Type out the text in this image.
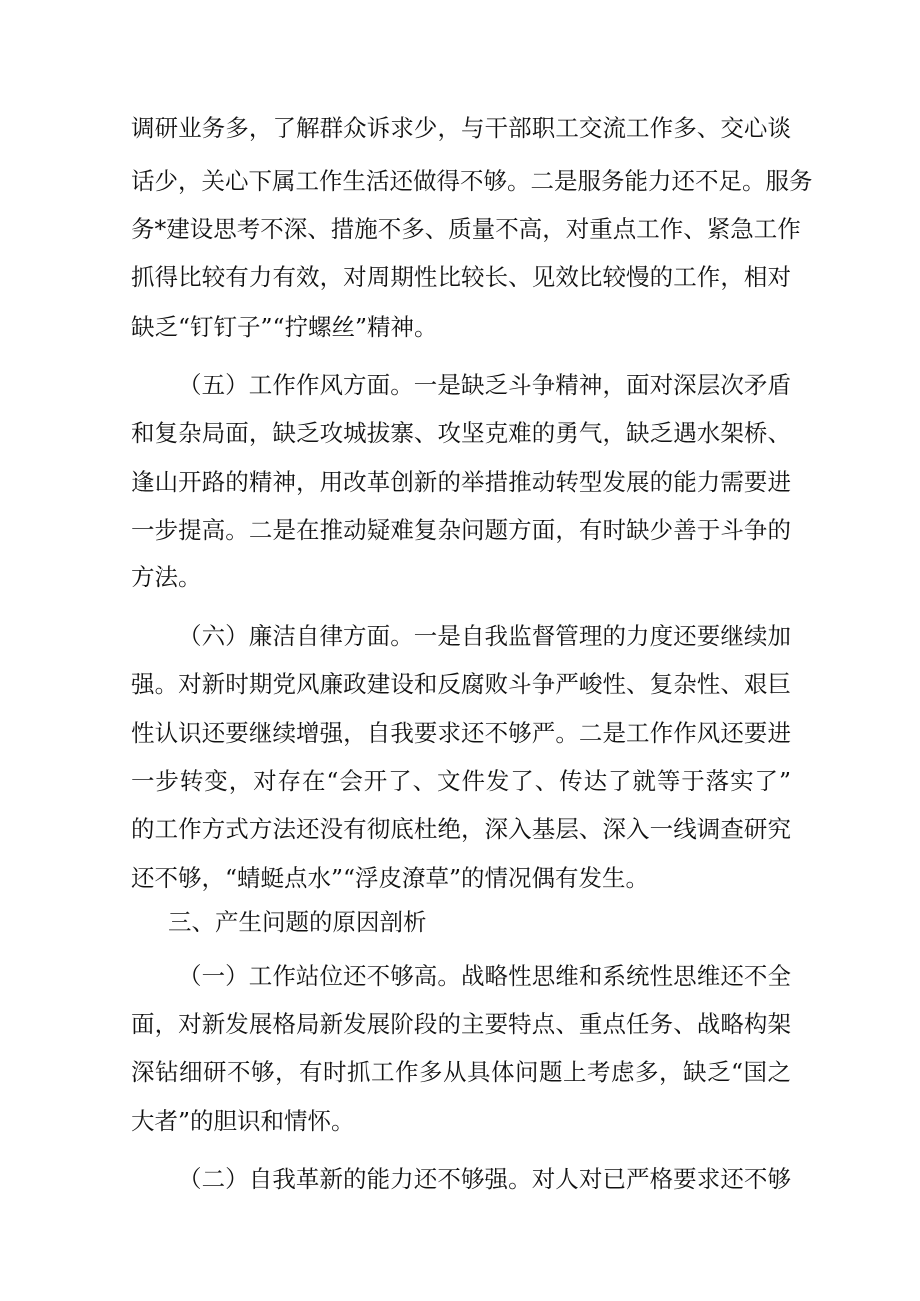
调研业务多，了解群众诉求少，与干部职工交流工作多、交心谈
话少，关心下属工作生活还做得不够。二是服务能力还不足。服务
务*建设思考不深、措施不多、质量不高，对重点工作、紧急工作
抓得比较有力有效，对周期性比较长、见效比较慢的工作，相对
缺乏“钉钉子”“拧螺丝”精神。
（五）工作作风方面。一是缺乏斗争精神，面对深层次矛盾
和复杂局面，缺乏攻城拔寨、攻坚克难的勇气，缺乏遇水架桥、
逢山开路的精神，用改革创新的举措推动转型发展的能力需要进
一步提高。二是在推动疑难复杂问题方面，有时缺少善于斗争的
方法。
（六）廉洁自律方面。一是自我监督管理的力度还要继续加
强。对新时期党风廉政建设和反腐败斗争严峻性、复杂性、艰巨
性认识还要继续增强，自我要求还不够严。二是工作作风还要进
一步转变，对存在“会开了、文件发了、传达了就等于落实了”
的工作方式方法还没有彻底杜绝，深入基层、深入一线调查研究
还不够，“蜻蜓点水”“浮皮潦草”的情况偶有发生。
三、产生问题的原因剖析
（一）工作站位还不够高。战略性思维和系统性思维还不全
面，对新发展格局新发展阶段的主要特点、重点任务、战略构架
深钻细研不够，有时抓工作多从具体问题上考虑多，缺乏“国之
大者”的胆识和情怀。
（二）自我革新的能力还不够强。对人对已严格要求还不够
